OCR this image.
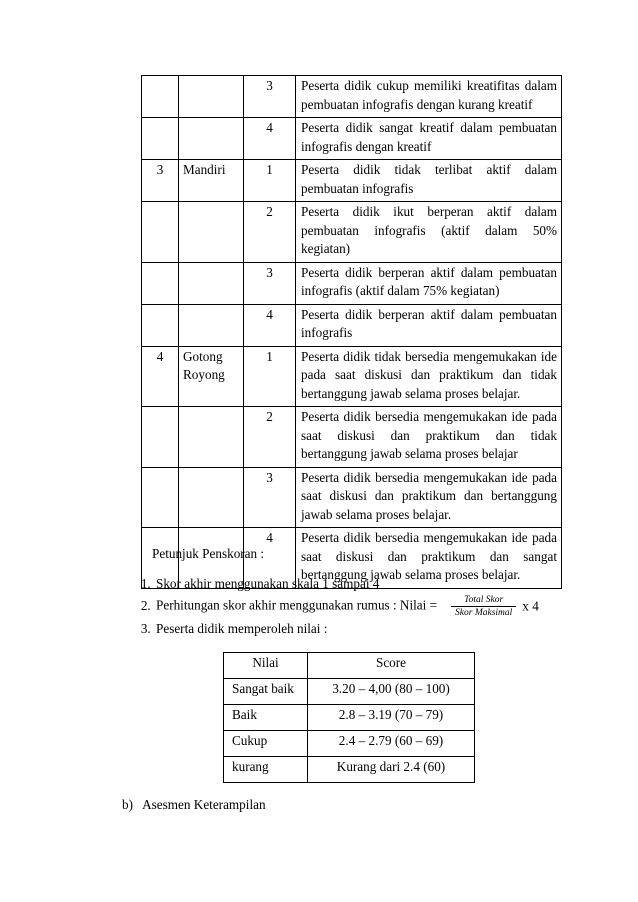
		3	Peserta didik cukup memiliki kreatifitas dalam pembuatan infografis dengan kurang kreatif
		4	Peserta didik sangat kreatif dalam pembuatan infografis dengan kreatif
3	Mandiri	1	Peserta didik tidak terlibat aktif dalam pembuatan infografis
		2	Peserta didik ikut berperan aktif dalam pembuatan infografis (aktif dalam 50% kegiatan)
		3	Peserta didik berperan aktif dalam pembuatan infografis (aktif dalam 75% kegiatan)
		4	Peserta didik berperan aktif dalam pembuatan infografis
4	Gotong Royong	1	Peserta didik tidak bersedia mengemukakan ide pada saat diskusi dan praktikum dan tidak bertanggung jawab selama proses belajar.
		2	Peserta didik bersedia mengemukakan ide pada saat diskusi dan praktikum dan tidak bertanggung jawab selama proses belajar
		3	Peserta didik bersedia mengemukakan ide pada saat diskusi dan praktikum dan bertanggung jawab selama proses belajar.
		4	Peserta didik bersedia mengemukakan ide pada saat diskusi dan praktikum dan sangat bertanggung jawab selama proses belajar.
Petunjuk Penskoran :
1. Skor akhir menggunakan skala 1 sampai 4
2. Perhitungan skor akhir menggunakan rumus : Nilai = $\frac{\text{Total Skor}}{\text{Skor Maksimal}}$ x 4
3. Peserta didik memperoleh nilai :
Nilai	Score
Sangat baik	3.20 – 4,00 (80 – 100)
Baik	2.8 – 3.19 (70 – 79)
Cukup	2.4 – 2.79 (60 – 69)
kurang	Kurang dari 2.4 (60)
b)   Asesmen Keterampilan
